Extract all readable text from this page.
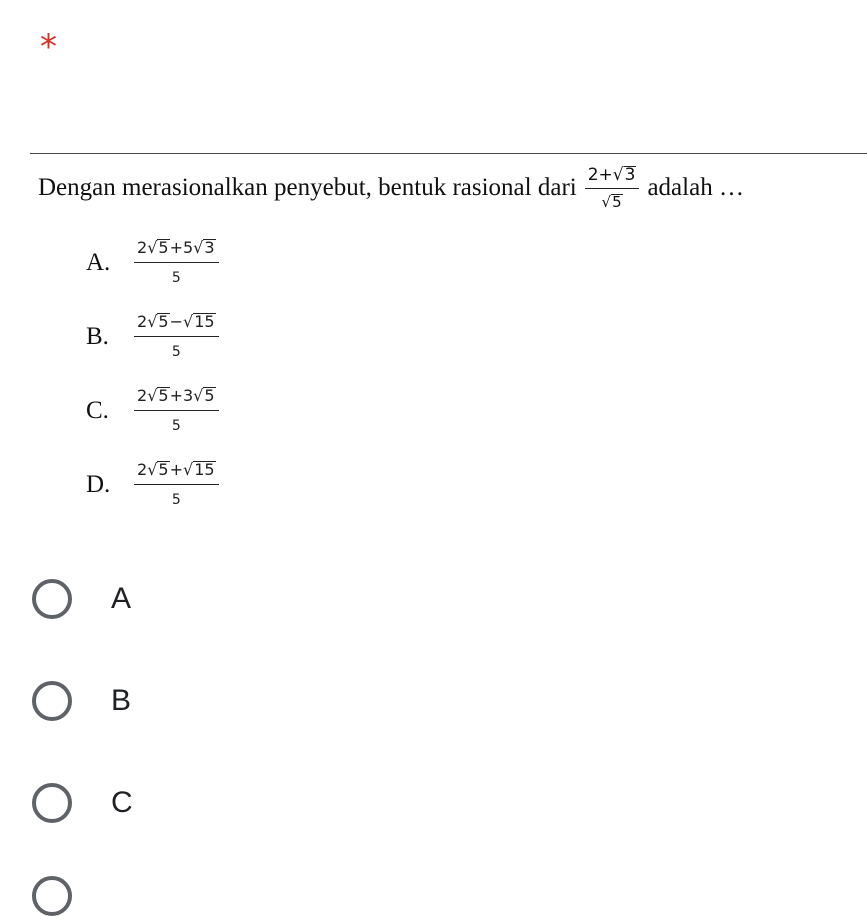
*
Dengan merasionalkan penyebut, bentuk rasional dari $\frac{2+√3}{√5}$ adalah …
A.	$\frac{2√5+5√3}{5}$
B.	$\frac{2√5-√15}{5}$
C.	$\frac{2√5+3√5}{5}$
D.	$\frac{2√5+√15}{5}$
A
B
C
